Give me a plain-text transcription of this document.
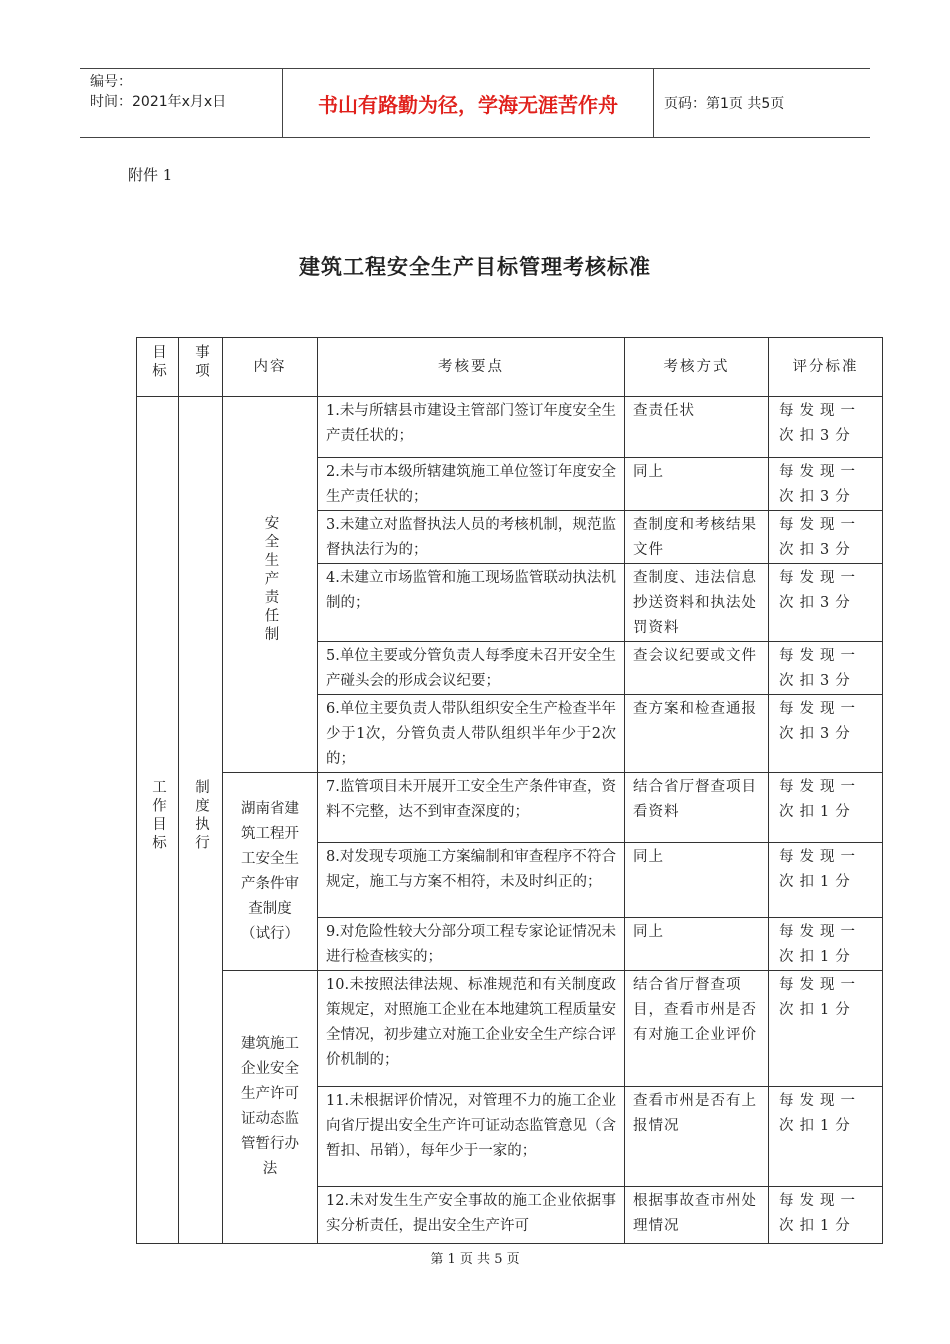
编号：
时间：2021年x月x日	书山有路勤为径，学海无涯苦作舟	页码：第1页 共5页
附件 1
建筑工程安全生产目标管理考核标准
目标	事项	内容	考核要点	考核方式	评分标准
工作目标	制度执行	安全生产责任制	1.未与所辖县市建设主管部门签订年度安全生产责任状的；	查责任状	每发现一次扣3分
			2.未与市本级所辖建筑施工单位签订年度安全生产责任状的；	同上	每发现一次扣3分
			3.未建立对监督执法人员的考核机制，规范监督执法行为的；	查制度和考核结果文件	每发现一次扣3分
			4.未建立市场监管和施工现场监管联动执法机制的；	查制度、违法信息抄送资料和执法处罚资料	每发现一次扣3分
			5.单位主要或分管负责人每季度未召开安全生产碰头会的形成会议纪要；	查会议纪要或文件	每发现一次扣3分
			6.单位主要负责人带队组织安全生产检查半年少于1次，分管负责人带队组织半年少于2次的；	查方案和检查通报	每发现一次扣3分
		湖南省建筑工程开工安全生产条件审查制度（试行）	7.监管项目未开展开工安全生产条件审查，资料不完整，达不到审查深度的；	结合省厅督查项目看资料	每发现一次扣1分
			8.对发现专项施工方案编制和审查程序不符合规定，施工与方案不相符，未及时纠正的；	同上	每发现一次扣1分
			9.对危险性较大分部分项工程专家论证情况未进行检查核实的；	同上	每发现一次扣1分
		建筑施工企业安全生产许可证动态监管暂行办法	10.未按照法律法规、标准规范和有关制度政策规定，对照施工企业在本地建筑工程质量安全情况，初步建立对施工企业安全生产综合评价机制的；	结合省厅督查项目，查看市州是否有对施工企业评价	每发现一次扣1分
			11.未根据评价情况，对管理不力的施工企业向省厅提出安全生产许可证动态监管意见（含暂扣、吊销），每年少于一家的；	查看市州是否有上报情况	每发现一次扣1分
			12.未对发生生产安全事故的施工企业依据事实分析责任，提出安全生产许可	根据事故查市州处理情况	每发现一次扣1分
第 1 页 共 5 页
